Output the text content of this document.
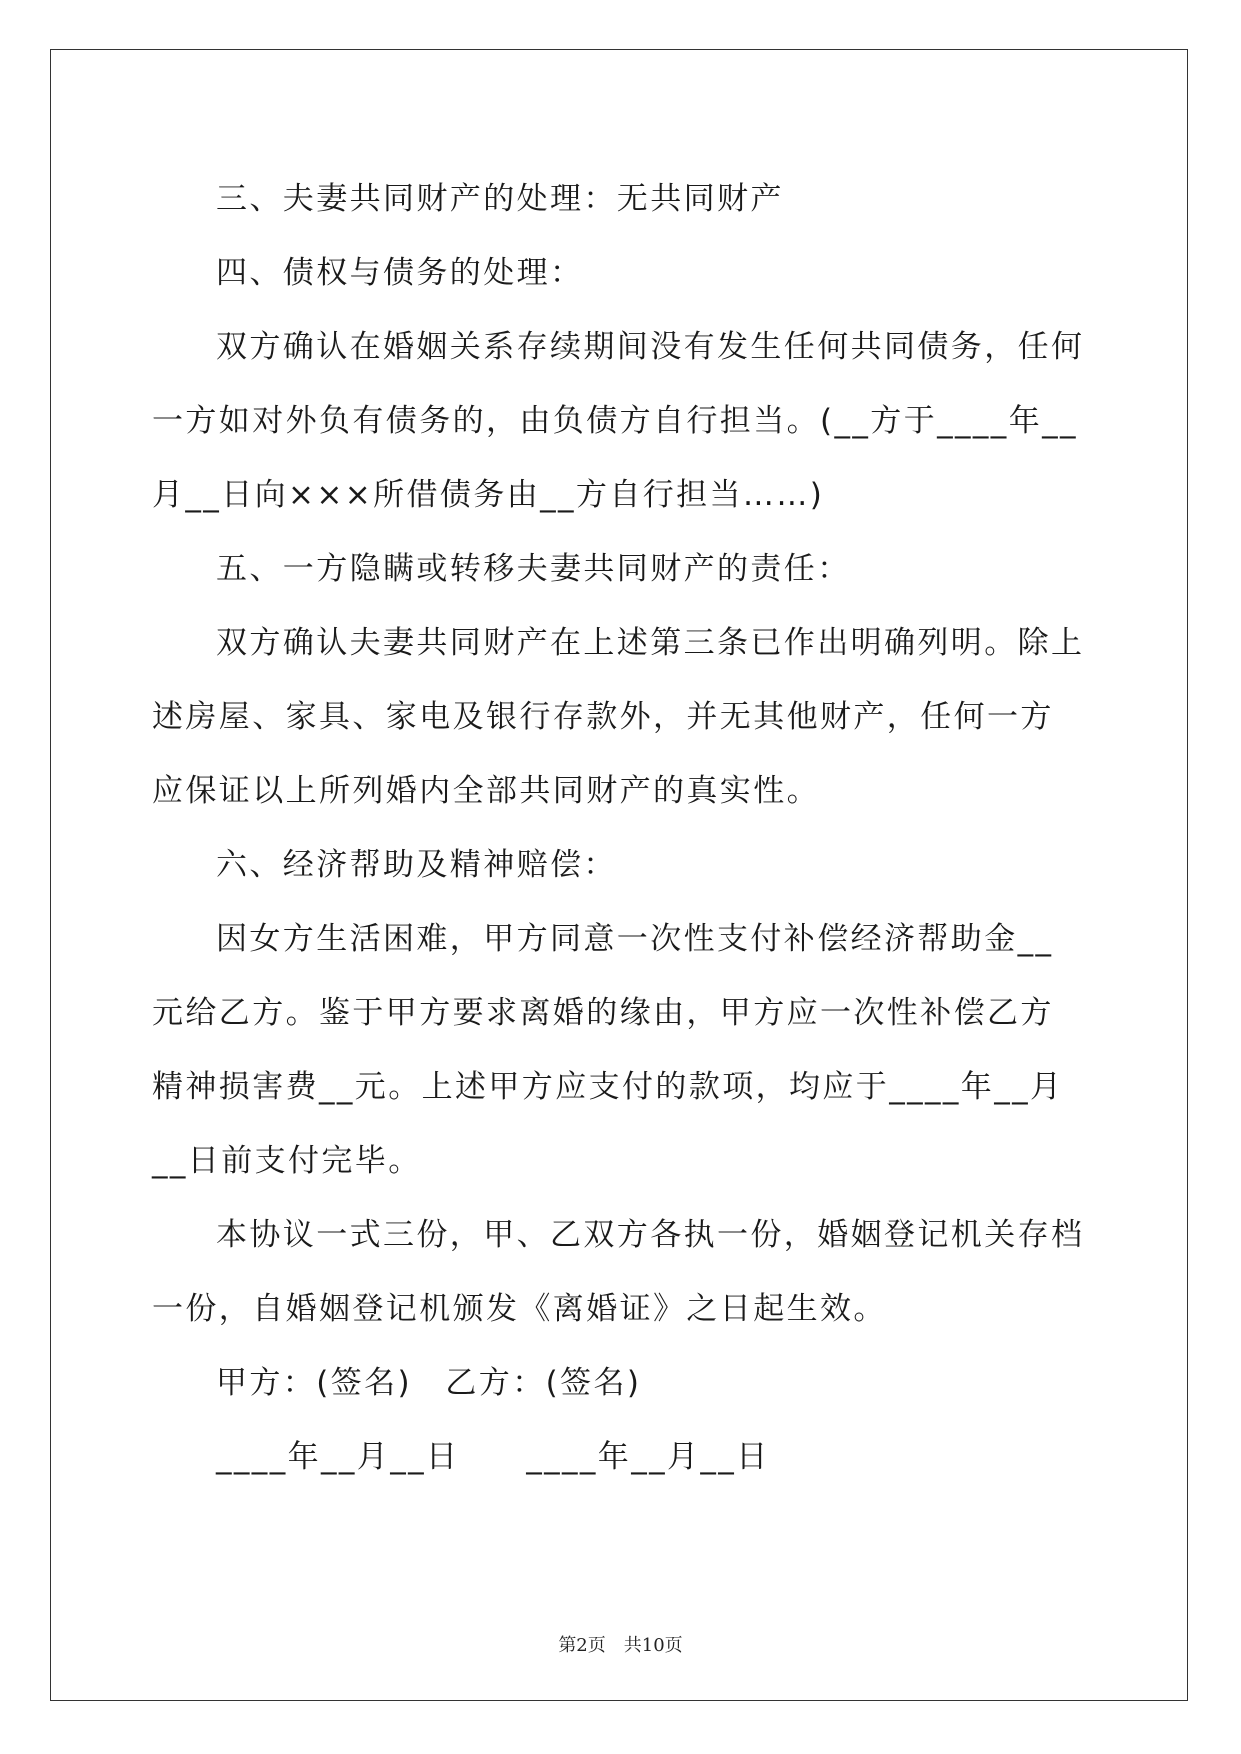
三、夫妻共同财产的处理：无共同财产

四、债权与债务的处理：

双方确认在婚姻关系存续期间没有发生任何共同债务，任何一方如对外负有债务的，由负债方自行担当。(__方于____年__月__日向×××所借债务由__方自行担当……)

五、一方隐瞒或转移夫妻共同财产的责任：

双方确认夫妻共同财产在上述第三条已作出明确列明。除上述房屋、家具、家电及银行存款外，并无其他财产，任何一方应保证以上所列婚内全部共同财产的真实性。

六、经济帮助及精神赔偿：

因女方生活困难，甲方同意一次性支付补偿经济帮助金__元给乙方。鉴于甲方要求离婚的缘由，甲方应一次性补偿乙方精神损害费__元。上述甲方应支付的款项，均应于____年__月__日前支付完毕。

本协议一式三份，甲、乙双方各执一份，婚姻登记机关存档一份，自婚姻登记机颁发《离婚证》之日起生效。

甲方：(签名)　乙方：(签名)

____年__月__日　　____年__月__日

第2页　共10页
